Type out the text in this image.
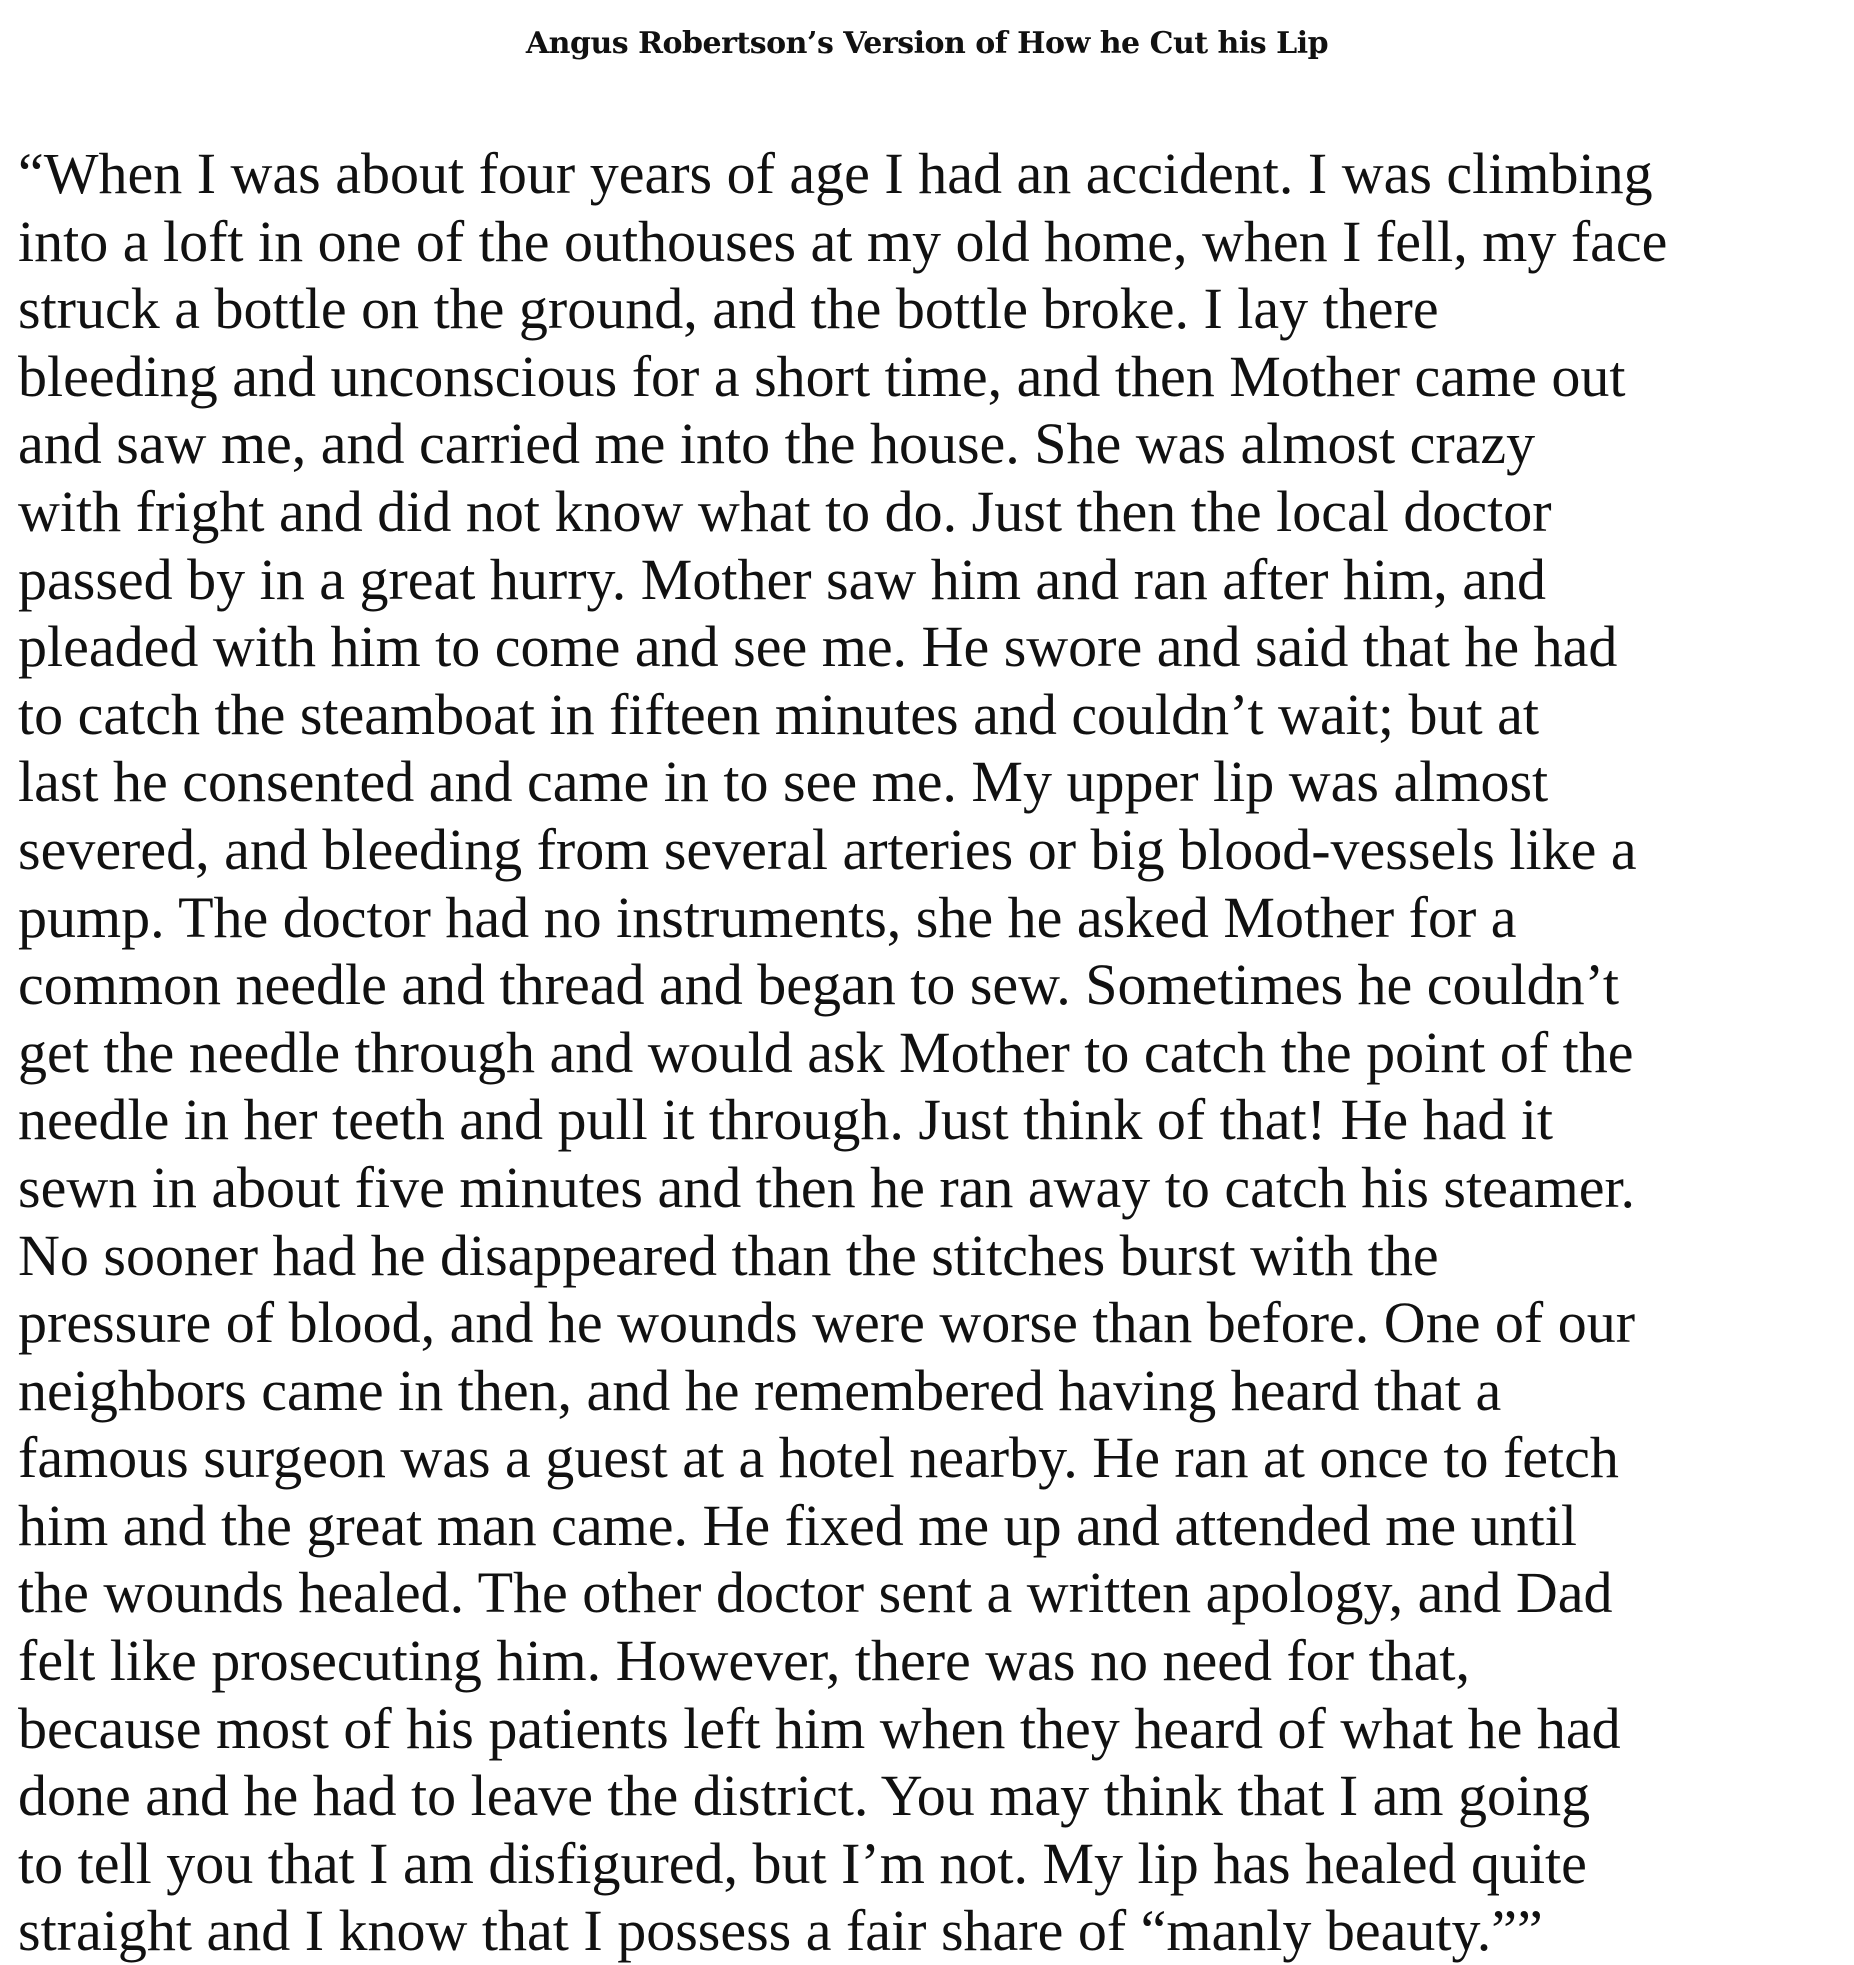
Angus Robertson’s Version of How he Cut his Lip
“When I was about four years of age I had an accident. I was climbing
into a loft in one of the outhouses at my old home, when I fell, my face
struck a bottle on the ground, and the bottle broke. I lay there
bleeding and unconscious for a short time, and then Mother came out
and saw me, and carried me into the house. She was almost crazy
with fright and did not know what to do. Just then the local doctor
passed by in a great hurry. Mother saw him and ran after him, and
pleaded with him to come and see me. He swore and said that he had
to catch the steamboat in fifteen minutes and couldn’t wait; but at
last he consented and came in to see me. My upper lip was almost
severed, and bleeding from several arteries or big blood-vessels like a
pump. The doctor had no instruments, she he asked Mother for a
common needle and thread and began to sew. Sometimes he couldn’t
get the needle through and would ask Mother to catch the point of the
needle in her teeth and pull it through. Just think of that! He had it
sewn in about five minutes and then he ran away to catch his steamer.
No sooner had he disappeared than the stitches burst with the
pressure of blood, and he wounds were worse than before. One of our
neighbors came in then, and he remembered having heard that a
famous surgeon was a guest at a hotel nearby. He ran at once to fetch
him and the great man came. He fixed me up and attended me until
the wounds healed. The other doctor sent a written apology, and Dad
felt like prosecuting him. However, there was no need for that,
because most of his patients left him when they heard of what he had
done and he had to leave the district. You may think that I am going
to tell you that I am disfigured, but I’m not. My lip has healed quite
straight and I know that I possess a fair share of “manly beauty.””
